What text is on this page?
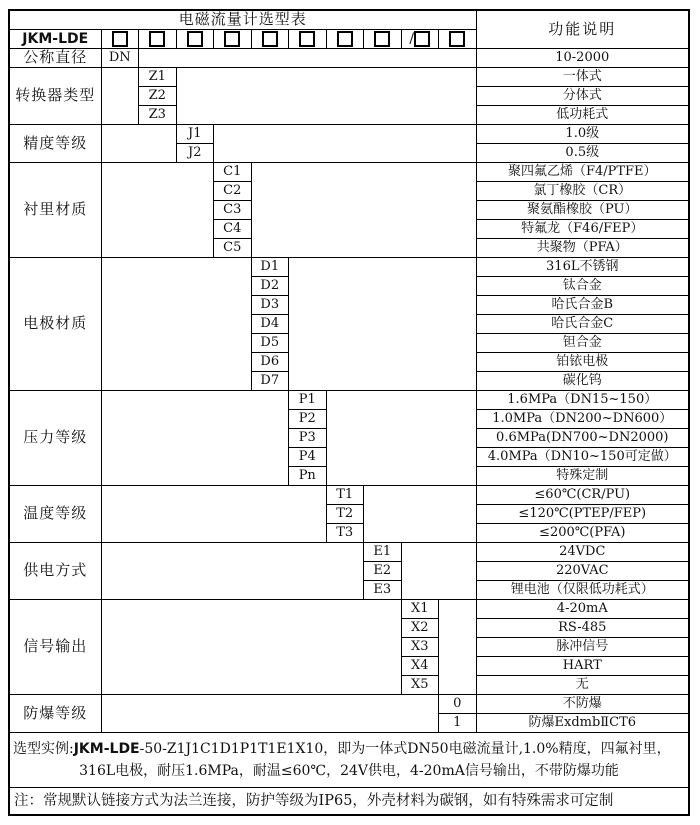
电磁流量计选型表											功能说明
JKM-LDE									/		
公称直径	DN										10-2000
转换器类型		Z1									一体式
		Z2									分体式
		Z3									低功耗式
精度等级			J1								1.0级
			J2								0.5级
衬里材质				C1							聚四氟乙烯（F4/PTFE）
				C2							氯丁橡胶（CR）
				C3							聚氨酯橡胶（PU）
				C4							特氟龙（F46/FEP）
				C5							共聚物（PFA）
电极材质					D1						316L不锈钢
					D2						钛合金
					D3						哈氏合金B
					D4						哈氏合金C
					D5						钽合金
					D6						铂铱电极
					D7						碳化钨
压力等级						P1					1.6MPa（DN15~150）
						P2					1.0MPa（DN200~DN600）
						P3					0.6MPa(DN700~DN2000)
						P4					4.0MPa（DN10~150可定做）
						Pn					特殊定制
温度等级							T1				≤60℃(CR/PU)
							T2				≤120℃(PTEP/FEP)
							T3				≤200℃(PFA)
供电方式								E1			24VDC
								E2			220VAC
								E3			锂电池（仅限低功耗式）
信号输出									X1		4-20mA
									X2		RS-485
									X3		脉冲信号
									X4		HART
									X5		无
防爆等级										0	不防爆
										1	防爆ExdmbⅡCT6

选型实例:JKM-LDE-50-Z1J1C1D1P1T1E1X10，即为一体式DN50电磁流量计,1.0%精度，四氟衬里，
316L电极，耐压1.6MPa，耐温≤60℃，24V供电，4-20mA信号输出，不带防爆功能											

注：常规默认链接方式为法兰连接，防护等级为IP65，外壳材料为碳钢，如有特殊需求可定制											
